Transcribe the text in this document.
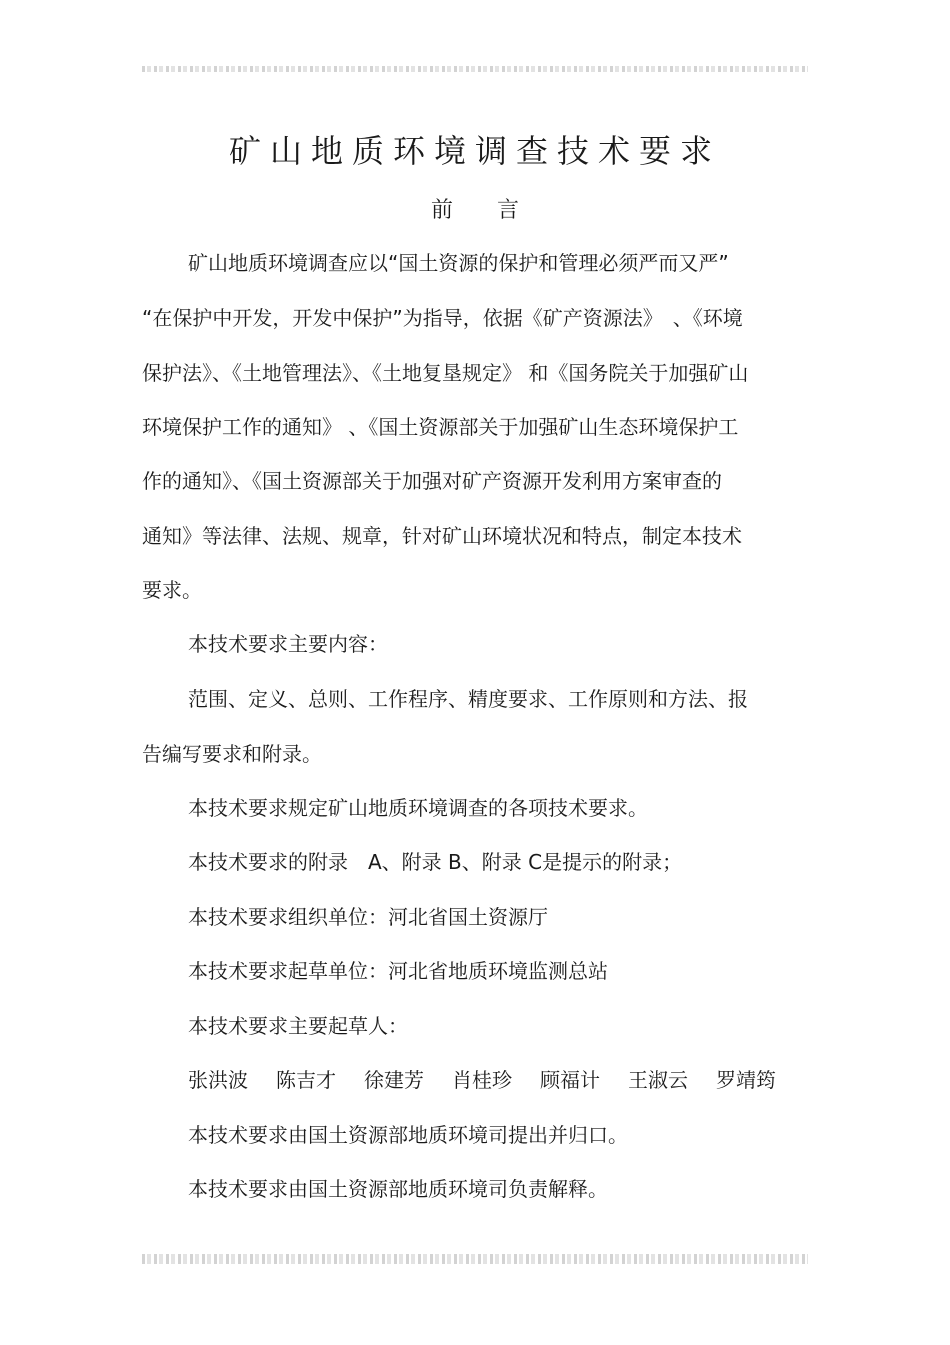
矿山地质环境调查技术要求
前 言

矿山地质环境调查应以“国土资源的保护和管理必须严而又严”

“在保护中开发，开发中保护”为指导，依据《矿产资源法》　、《环境

保护法》、《土地管理法》、《土地复垦规定》 和《国务院关于加强矿山

环境保护工作的通知》 、《国土资源部关于加强矿山生态环境保护工

作的通知》、《国土资源部关于加强对矿产资源开发利用方案审查的

通知》等法律、法规、规章，针对矿山环境状况和特点，制定本技术

要求。

本技术要求主要内容：

范围、定义、总则、工作程序、精度要求、工作原则和方法、报

告编写要求和附录。

本技术要求规定矿山地质环境调查的各项技术要求。

本技术要求的附录　A、附录 B、附录 C是提示的附录；

本技术要求组织单位：河北省国土资源厅

本技术要求起草单位：河北省地质环境监测总站

本技术要求主要起草人：

张洪波 陈吉才 徐建芳 肖桂珍 顾福计 王淑云 罗靖筠

本技术要求由国土资源部地质环境司提出并归口。

本技术要求由国土资源部地质环境司负责解释。
